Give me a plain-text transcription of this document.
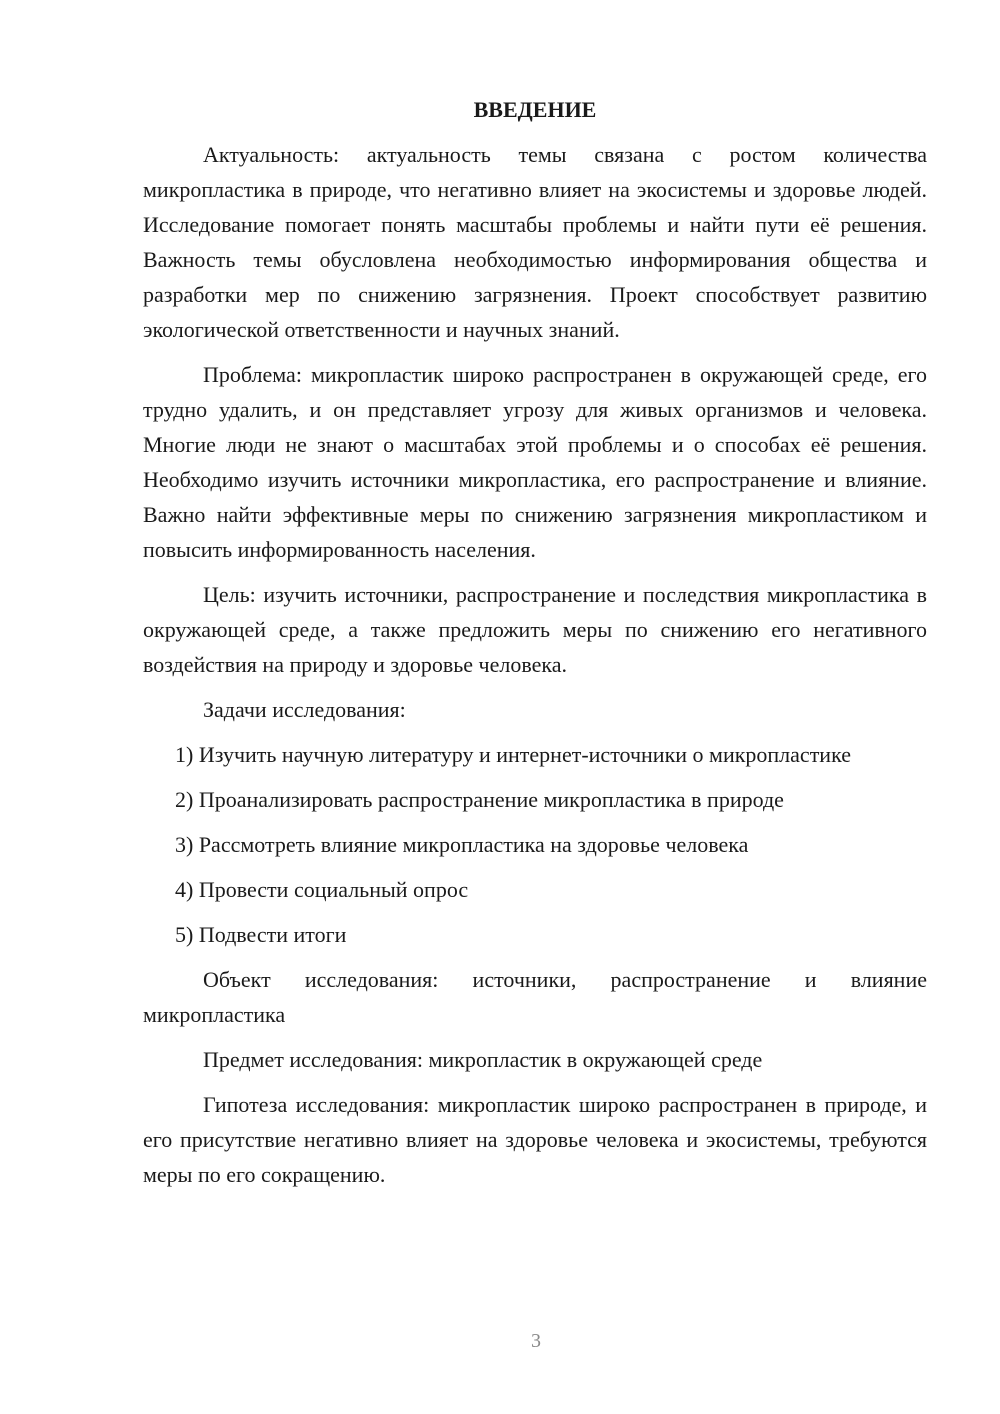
ВВЕДЕНИЕ

Актуальность: актуальность темы связана с ростом количества микропластика в природе, что негативно влияет на экосистемы и здоровье людей. Исследование помогает понять масштабы проблемы и найти пути её решения. Важность темы обусловлена необходимостью информирования общества и разработки мер по снижению загрязнения. Проект способствует развитию экологической ответственности и научных знаний.

Проблема: микропластик широко распространен в окружающей среде, его трудно удалить, и он представляет угрозу для живых организмов и человека. Многие люди не знают о масштабах этой проблемы и о способах её решения. Необходимо изучить источники микропластика, его распространение и влияние. Важно найти эффективные меры по снижению загрязнения микропластиком и повысить информированность населения.

Цель: изучить источники, распространение и последствия микропластика в окружающей среде, а также предложить меры по снижению его негативного воздействия на природу и здоровье человека.

Задачи исследования:

1) Изучить научную литературу и интернет-источники о микропластике

2) Проанализировать распространение микропластика в природе

3) Рассмотреть влияние микропластика на здоровье человека

4) Провести социальный опрос

5) Подвести итоги

Объект исследования: источники, распространение и влияние микропластика

Предмет исследования: микропластик в окружающей среде

Гипотеза исследования: микропластик широко распространен в природе, и его присутствие негативно влияет на здоровье человека и экосистемы, требуются меры по его сокращению.

3
